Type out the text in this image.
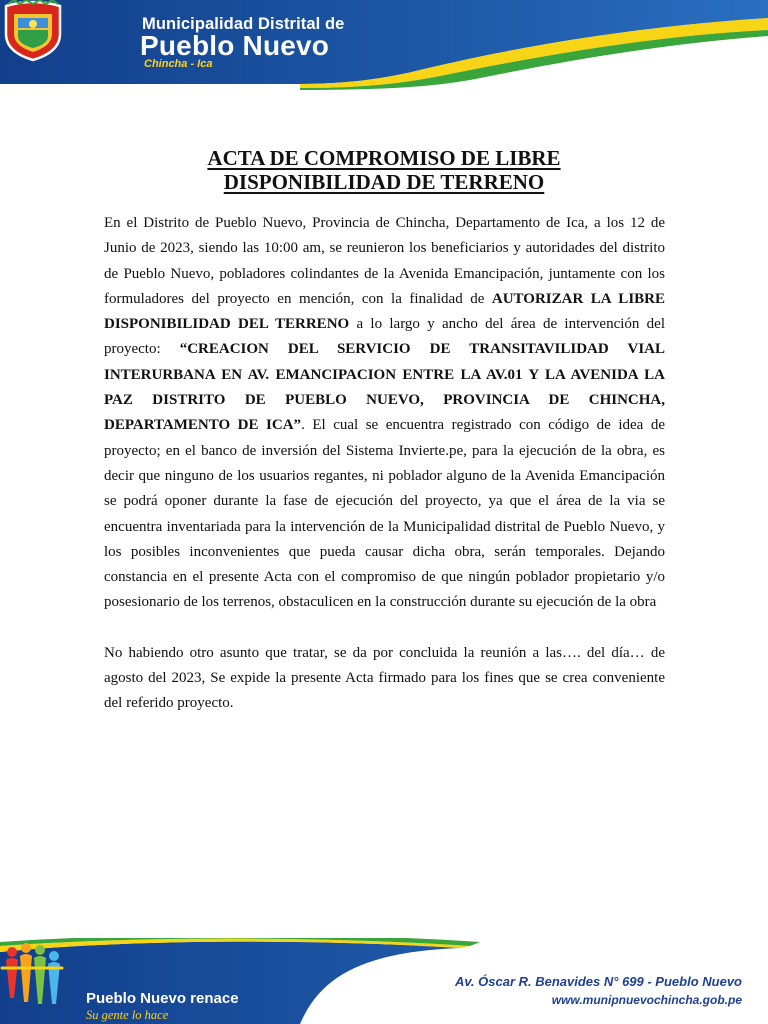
Municipalidad Distrital de
Pueblo Nuevo
Chincha - Ica
ACTA DE COMPROMISO DE LIBRE
DISPONIBILIDAD DE TERRENO

En el Distrito de Pueblo Nuevo, Provincia de Chincha, Departamento de Ica, a los 12 de Junio de 2023, siendo las 10:00 am, se reunieron los beneficiarios y autoridades del distrito de Pueblo Nuevo, pobladores colindantes de la Avenida Emancipación, juntamente con los formuladores del proyecto en mención, con la finalidad de AUTORIZAR LA LIBRE DISPONIBILIDAD DEL TERRENO a lo largo y ancho del área de intervención del proyecto: “CREACION DEL SERVICIO DE TRANSITAVILIDAD VIAL INTERURBANA EN AV. EMANCIPACION ENTRE LA AV.01 Y LA AVENIDA LA PAZ DISTRITO DE PUEBLO NUEVO, PROVINCIA DE CHINCHA, DEPARTAMENTO DE ICA”. El cual se encuentra registrado con código de idea de proyecto; en el banco de inversión del Sistema Invierte.pe, para la ejecución de la obra, es decir que ninguno de los usuarios regantes, ni poblador alguno de la Avenida Emancipación se podrá oponer durante la fase de ejecución del proyecto, ya que el área de la via se encuentra inventariada para la intervención de la Municipalidad distrital de Pueblo Nuevo, y los posibles inconvenientes que pueda causar dicha obra, serán temporales. Dejando constancia en el presente Acta con el compromiso de que ningún poblador propietario y/o posesionario de los terrenos, obstaculicen en la construcción durante su ejecución de la obra

No habiendo otro asunto que tratar, se da por concluida la reunión a las…. del día… de agosto del 2023, Se expide la presente Acta firmado para los fines que se crea conveniente del referido proyecto.

Pueblo Nuevo renace
Su gente lo hace
Av. Óscar R. Benavides N° 699 - Pueblo Nuevo
www.munipnuevochincha.gob.pe
